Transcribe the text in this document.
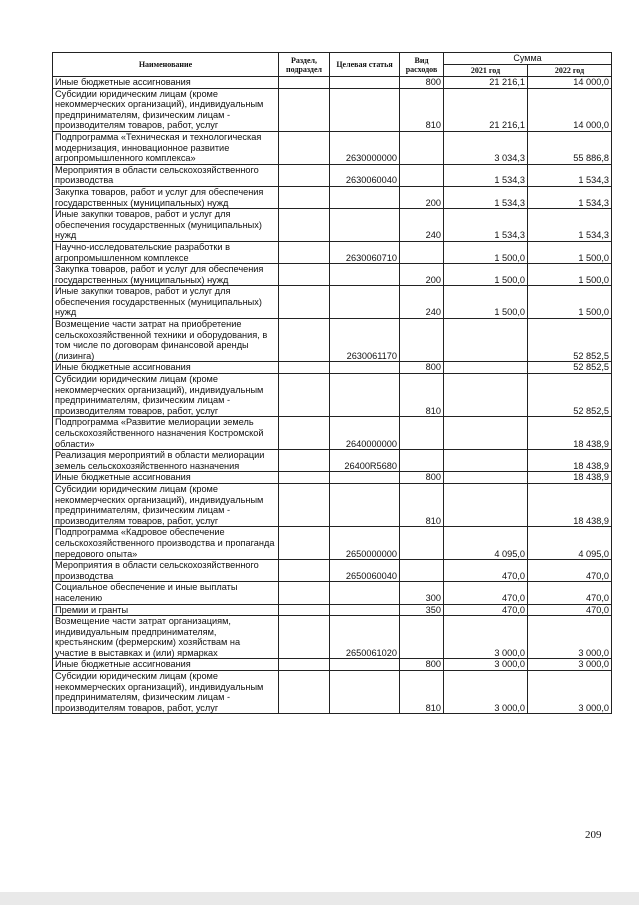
Наименование	Раздел, подраздел	Целевая статья	Вид расходов	Сумма	
				2021 год	2022 год
Иные бюджетные ассигнования			800	21 216,1	14 000,0
Субсидии юридическим лицам (кроме некоммерческих организаций), индивидуальным предпринимателям, физическим лицам - производителям товаров, работ, услуг			810	21 216,1	14 000,0
Подпрограмма «Техническая и технологическая модернизация, инновационное развитие агропромышленного комплекса»		2630000000		3 034,3	55 886,8
Мероприятия в области сельскохозяйственного производства		2630060040		1 534,3	1 534,3
Закупка товаров, работ и услуг для обеспечения государственных (муниципальных) нужд			200	1 534,3	1 534,3
Иные закупки товаров, работ и услуг для обеспечения государственных (муниципальных) нужд			240	1 534,3	1 534,3
Научно-исследовательские разработки в агропромышленном комплексе		2630060710		1 500,0	1 500,0
Закупка товаров, работ и услуг для обеспечения государственных (муниципальных) нужд			200	1 500,0	1 500,0
Иные закупки товаров, работ и услуг для обеспечения государственных (муниципальных) нужд			240	1 500,0	1 500,0
Возмещение части затрат на приобретение сельскохозяйственной техники и оборудования, в том числе по договорам финансовой аренды (лизинга)		2630061170			52 852,5
Иные бюджетные ассигнования			800		52 852,5
Субсидии юридическим лицам (кроме некоммерческих организаций), индивидуальным предпринимателям, физическим лицам - производителям товаров, работ, услуг			810		52 852,5
Подпрограмма «Развитие мелиорации земель сельскохозяйственного назначения Костромской области»		2640000000			18 438,9
Реализация мероприятий в области мелиорации земель сельскохозяйственного назначения		26400R5680			18 438,9
Иные бюджетные ассигнования			800		18 438,9
Субсидии юридическим лицам (кроме некоммерческих организаций), индивидуальным предпринимателям, физическим лицам - производителям товаров, работ, услуг			810		18 438,9
Подпрограмма «Кадровое обеспечение сельскохозяйственного производства и пропаганда передового опыта»		2650000000		4 095,0	4 095,0
Мероприятия в области сельскохозяйственного производства		2650060040		470,0	470,0
Социальное обеспечение и иные выплаты населению			300	470,0	470,0
Премии и гранты			350	470,0	470,0
Возмещение части затрат организациям, индивидуальным предпринимателям, крестьянским (фермерским) хозяйствам на участие в выставках и (или) ярмарках		2650061020		3 000,0	3 000,0
Иные бюджетные ассигнования			800	3 000,0	3 000,0
Субсидии юридическим лицам (кроме некоммерческих организаций), индивидуальным предпринимателям, физическим лицам - производителям товаров, работ, услуг			810	3 000,0	3 000,0
209
